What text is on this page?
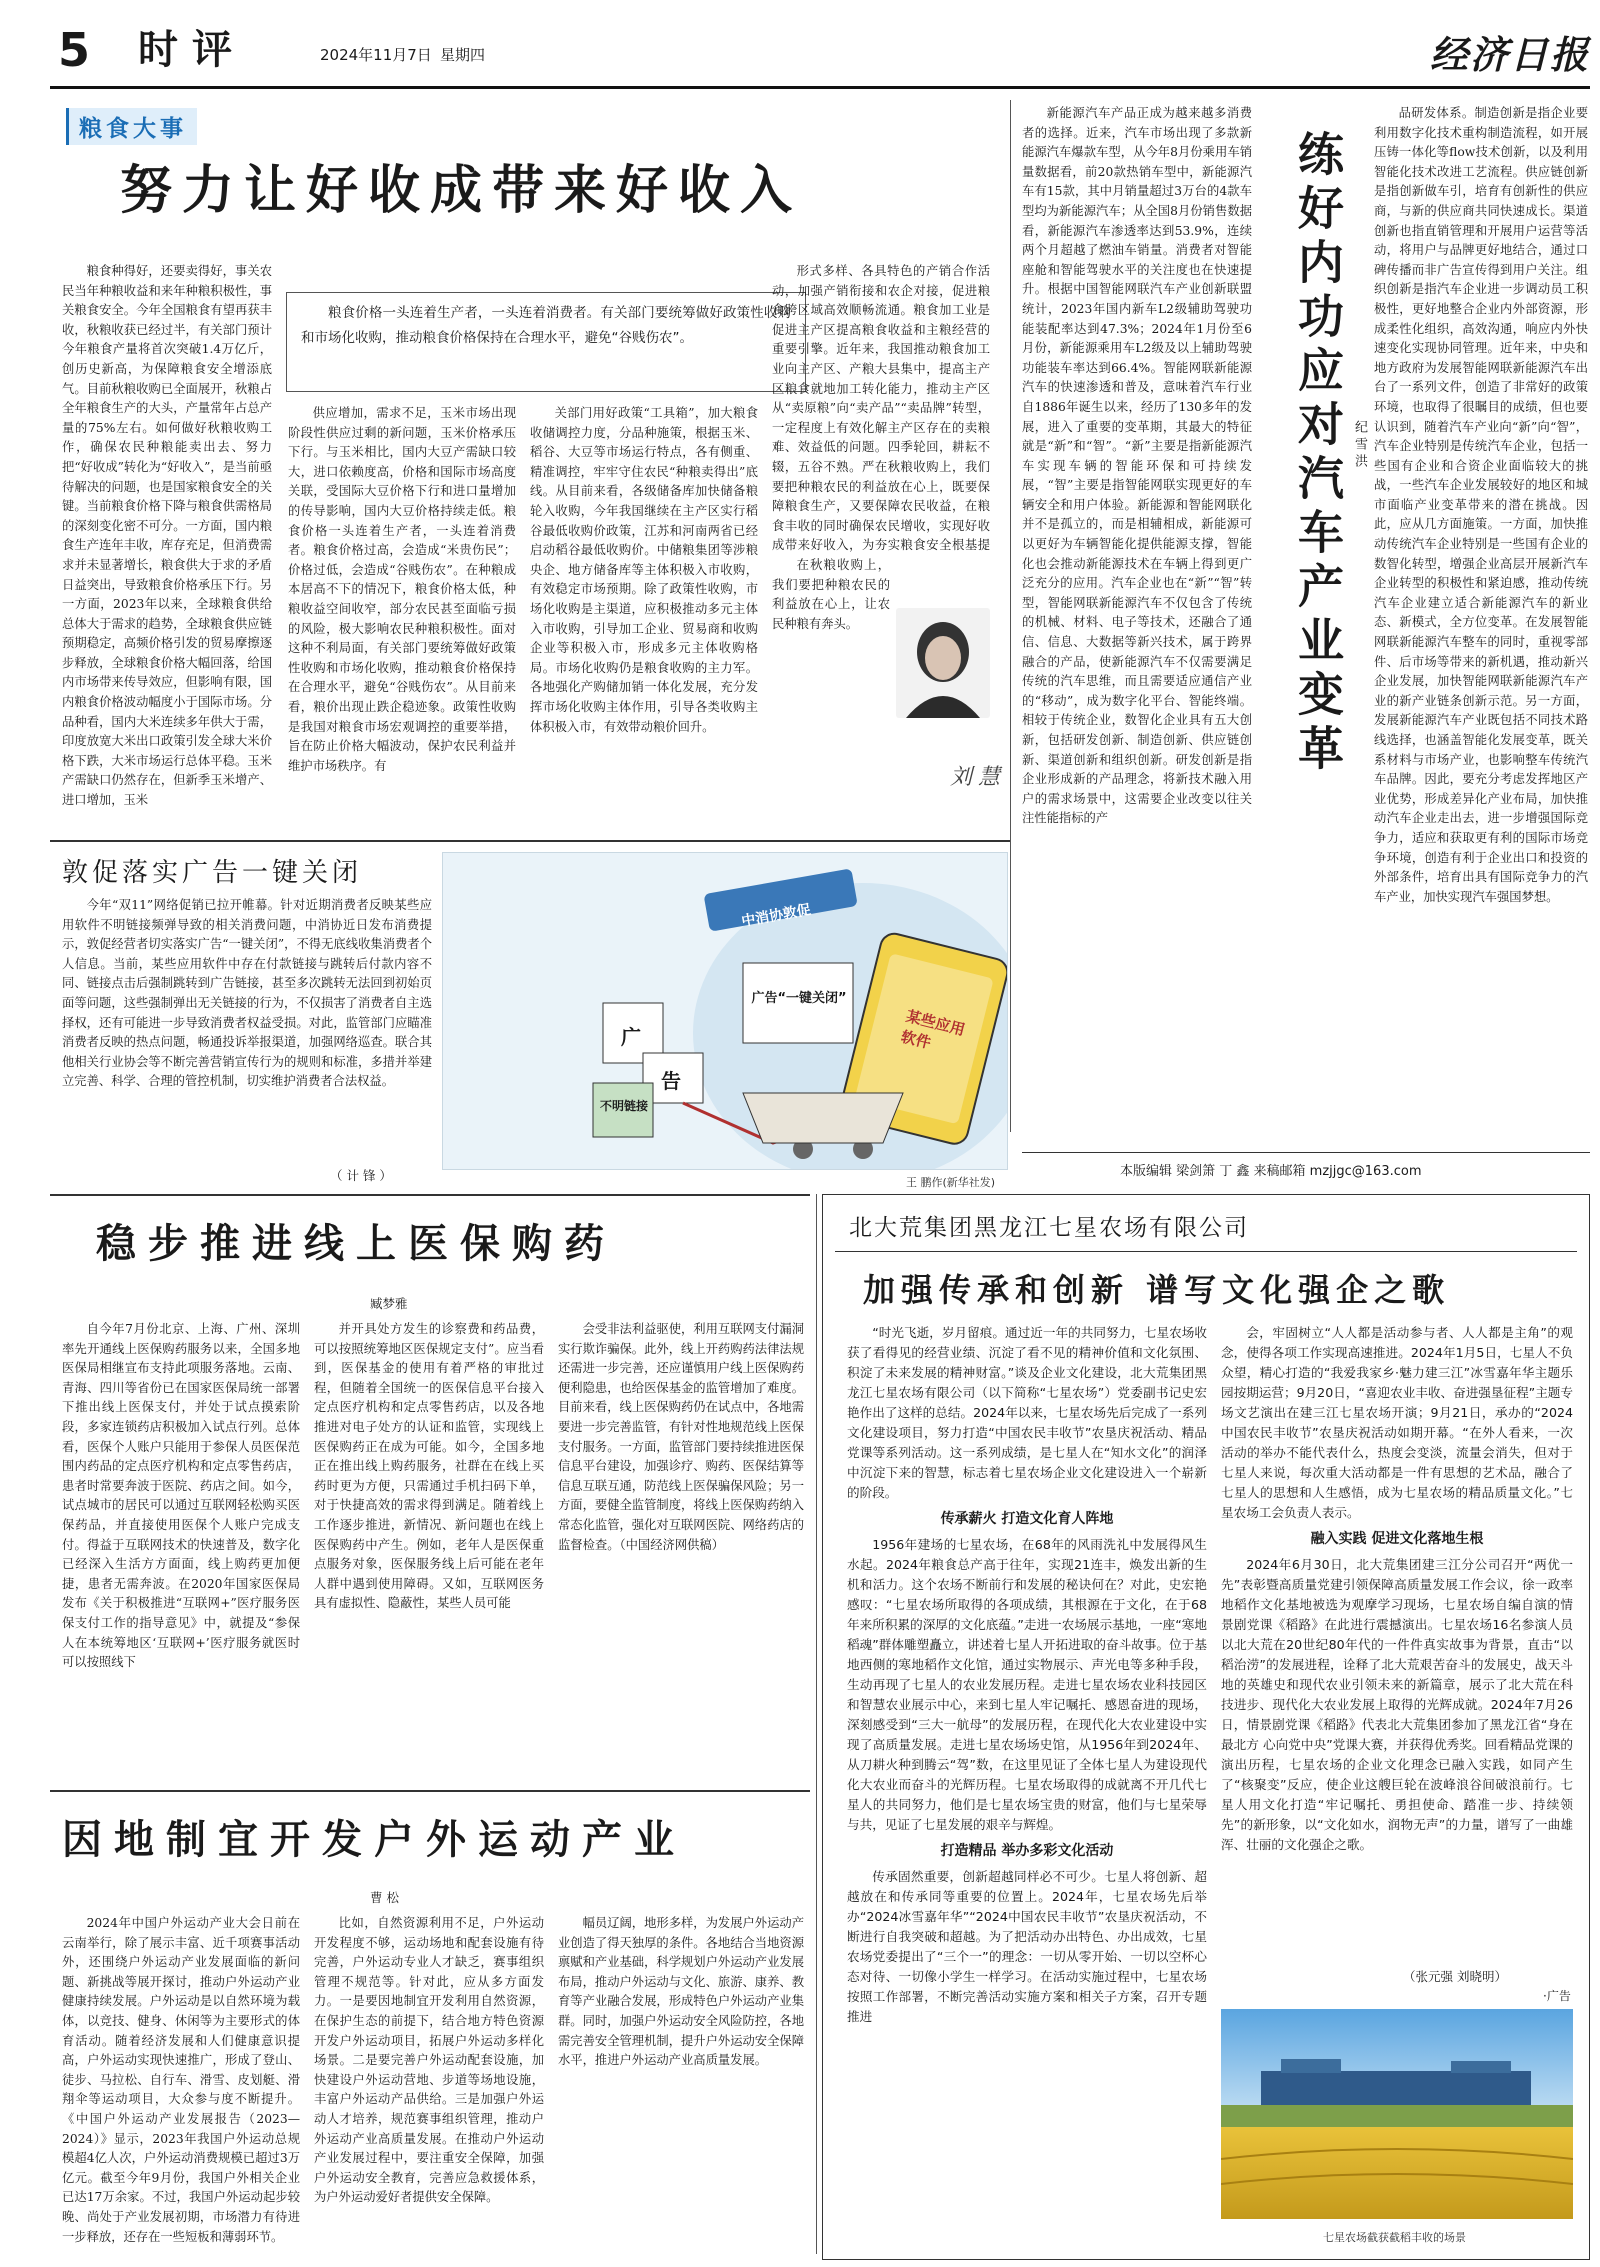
5 时评	2024年11月7日 星期四	经济日报
粮食大事
努力让好收成带来好收入
粮食价格一头连着生产者，一头连着消费者。有关部门要统筹做好政策性收购和市场化收购，推动粮食价格保持在合理水平，避免“谷贱伤农”。

粮食种得好，还要卖得好，事关农民当年种粮收益和来年种粮积极性，事关粮食安全。今年全国粮食有望再获丰收，秋粮收获已经过半，有关部门预计今年粮食产量将首次突破1.4万亿斤，创历史新高，为保障粮食安全增添底气。目前秋粮收购已全面展开，秋粮占全年粮食生产的大头，产量常年占总产量的75%左右。如何做好秋粮收购工作，确保农民种粮能卖出去、努力把“好收成”转化为“好收入”，是当前亟待解决的问题，也是国家粮食安全的关键。当前粮食价格下降与粮食供需格局的深刻变化密不可分。一方面，国内粮食生产连年丰收，库存充足，但消费需求并未显著增长，粮食供大于求的矛盾日益突出，导致粮食价格承压下行。另一方面，2023年以来，全球粮食供给总体大于需求的趋势，全球粮食供应链预期稳定，高频价格引发的贸易摩擦逐步释放，全球粮食价格大幅回落，给国内市场带来传导效应，但影响有限，国内粮食价格波动幅度小于国际市场。分品种看，国内大米连续多年供大于需，印度放宽大米出口政策引发全球大米价格下跌，大米市场运行总体平稳。玉米产需缺口仍然存在，但新季玉米增产、进口增加，玉米

供应增加，需求不足，玉米市场出现阶段性供应过剩的新问题，玉米价格承压下行。与玉米相比，国内大豆产需缺口较大，进口依赖度高，价格和国际市场高度关联，受国际大豆价格下行和进口量增加的传导影响，国内大豆价格持续走低。粮食价格一头连着生产者，一头连着消费者。粮食价格过高，会造成“米贵伤民”；价格过低，会造成“谷贱伤农”。在种粮成本居高不下的情况下，粮食价格太低，种粮收益空间收窄，部分农民甚至面临亏损的风险，极大影响农民种粮积极性。面对这种不利局面，有关部门要统筹做好政策性收购和市场化收购，推动粮食价格保持在合理水平，避免“谷贱伤农”。从目前来看，粮价出现止跌企稳迹象。政策性收购是我国对粮食市场宏观调控的重要举措，旨在防止价格大幅波动，保护农民利益并维护市场秩序。有

关部门用好政策“工具箱”，加大粮食收储调控力度，分品种施策，根据玉米、稻谷、大豆等市场运行特点，各有侧重、精准调控，牢牢守住农民“种粮卖得出”底线。从目前来看，各级储备库加快储备粮轮入收购，今年我国继续在主产区实行稻谷最低收购价政策，江苏和河南两省已经启动稻谷最低收购价。中储粮集团等涉粮央企、地方储备库等主体积极入市收购，有效稳定市场预期。除了政策性收购，市场化收购是主渠道，应积极推动多元主体入市收购，引导加工企业、贸易商和收购企业等积极入市，形成多元主体收购格局。市场化收购仍是粮食收购的主力军。各地强化产购储加销一体化发展，充分发挥市场化收购主体作用，引导各类收购主体积极入市，有效带动粮价回升。

形式多样、各具特色的产销合作活动，加强产销衔接和农企对接，促进粮食跨区域高效顺畅流通。粮食加工业是促进主产区提高粮食收益和主粮经营的重要引擎。近年来，我国推动粮食加工业向主产区、产粮大县集中，提高主产区粮食就地加工转化能力，推动主产区从“卖原粮”向“卖产品”“卖品牌”转型，一定程度上有效化解主产区存在的卖粮难、效益低的问题。四季轮回，耕耘不辍，五谷不熟。严在秋粮收购上，我们要把种粮农民的利益放在心上，既要保障粮食生产，又要保障农民收益，在粮食丰收的同时确保农民增收，实现好收成带来好收入，为夯实粮食安全根基提

在秋粮收购上，我们要把种粮农民的利益放在心上，让农民种粮有奔头。

刘慧

新能源汽车产品正成为越来越多消费者的选择。近来，汽车市场出现了多款新能源汽车爆款车型，从今年8月份乘用车销量数据看，前20款热销车型中，新能源汽车有15款，其中月销量超过3万台的4款车型均为新能源汽车；从全国8月份销售数据看，新能源汽车渗透率达到53.9%，连续两个月超越了燃油车销量。消费者对智能座舱和智能驾驶水平的关注度也在快速提升。根据中国智能网联汽车产业创新联盟统计，2023年国内新车L2级辅助驾驶功能装配率达到47.3%；2024年1月份至6月份，新能源乘用车L2级及以上辅助驾驶功能装车率达到66.4%。智能网联新能源汽车的快速渗透和普及，意味着汽车行业自1886年诞生以来，经历了130多年的发展，进入了重要的变革期，其最大的特征就是“新”和“智”。“新”主要是指新能源汽车实现车辆的智能环保和可持续发展，“智”主要是指智能网联实现更好的车辆安全和用户体验。新能源和智能网联化并不是孤立的，而是相辅相成，新能源可以更好为车辆智能化提供能源支撑，智能化也会推动新能源技术在车辆上得到更广泛充分的应用。汽车企业也在“新”“智”转型，智能网联新能源汽车不仅包含了传统的机械、材料、电子等技术，还融合了通信、信息、大数据等新兴技术，属于跨界融合的产品，使新能源汽车不仅需要满足传统的汽车思维，而且需要适应通信产业的“移动”，成为数字化平台、智能终端。相较于传统企业，数智化企业具有五大创新，包括研发创新、制造创新、供应链创新、渠道创新和组织创新。研发创新是指企业形成新的产品理念，将新技术融入用户的需求场景中，这需要企业改变以往关注性能指标的产

练好内功应对汽车产业变革 纪雪洪

品研发体系。制造创新是指企业要利用数字化技术重构制造流程，如开展压铸一体化等flow技术创新，以及利用智能化技术改进工艺流程。供应链创新是指创新做车引，培育有创新性的供应商，与新的供应商共同快速成长。渠道创新也指直销管理和开展用户运营等活动，将用户与品牌更好地结合，通过口碑传播而非广告宣传得到用户关注。组织创新是指汽车企业进一步调动员工积极性，更好地整合企业内外部资源，形成柔性化组织，高效沟通，响应内外快速变化实现协同管理。近年来，中央和地方政府为发展智能网联新能源汽车出台了一系列文件，创造了非常好的政策环境，也取得了很瞩目的成绩，但也要认识到，随着汽车产业向“新”向“智”，汽车企业特别是传统汽车企业，包括一些国有企业和合资企业面临较大的挑战，一些汽车企业发展较好的地区和城市面临产业变革带来的潜在挑战。因此，应从几方面施策。一方面，加快推动传统汽车企业特别是一些国有企业的数智化转型，增强企业高层开展新汽车企业转型的积极性和紧迫感，推动传统汽车企业建立适合新能源汽车的新业态、新模式，全方位变革。在发展智能网联新能源汽车整车的同时，重视零部件、后市场等带来的新机遇，推动新兴企业发展，加快智能网联新能源汽车产业的新产业链条创新示范。另一方面，发展新能源汽车产业既包括不同技术路线选择，也涵盖智能化发展变革，既关系材料与市场产业，也影响整车传统汽车品牌。因此，要充分考虑发挥地区产业优势，形成差异化产业布局，加快推动汽车企业走出去，进一步增强国际竞争力，适应和获取更有利的国际市场竞争环境，创造有利于企业出口和投资的外部条件，培育出具有国际竞争力的汽车产业，加快实现汽车强国梦想。

本版编辑 梁剑箫 丁 鑫 来稿邮箱 mzjjgc@163.com
敦促落实广告一键关闭

今年“双11”网络促销已拉开帷幕。针对近期消费者反映某些应用软件不明链接频弹导致的相关消费问题，中消协近日发布消费提示，敦促经营者切实落实广告“一键关闭”，不得无底线收集消费者个人信息。当前，某些应用软件中存在付款链接与跳转后付款内容不同、链接点击后强制跳转到广告链接，甚至多次跳转无法回到初始页面等问题，这些强制弹出无关链接的行为，不仅损害了消费者自主选择权，还有可能进一步导致消费者权益受损。对此，监管部门应瞄准消费者反映的热点问题，畅通投诉举报渠道，加强网络巡查。联合其他相关行业协会等不断完善营销宣传行为的规则和标准，多措并举建立完善、科学、合理的管控机制，切实维护消费者合法权益。

（ 计 锋 ）
中消协敦促
广告“一键关闭”
某些应用软件
广
告
不明链接
王 鹏作(新华社发)
稳步推进线上医保购药
臧梦雅

自今年7月份北京、上海、广州、深圳率先开通线上医保购药服务以来，全国多地医保局相继宣布支持此项服务落地。云南、青海、四川等省份已在国家医保局统一部署下推出线上医保支付，并处于试点摸索阶段，多家连锁药店积极加入试点行列。总体看，医保个人账户只能用于参保人员医保范围内药品的定点医疗机构和定点零售药店，患者时常要奔波于医院、药店之间。如今，试点城市的居民可以通过互联网轻松购买医保药品，并直接使用医保个人账户完成支付。得益于互联网技术的快速普及，数字化已经深入生活方方面面，线上购药更加便捷，患者无需奔波。在2020年国家医保局发布《关于积极推进“互联网+”医疗服务医保支付工作的指导意见》中，就提及“参保人在本统筹地区‘互联网+’医疗服务就医时可以按照线下

并开具处方发生的诊察费和药品费，可以按照统筹地区医保规定支付”。应当看到，医保基金的使用有着严格的审批过程，但随着全国统一的医保信息平台接入定点医疗机构和定点零售药店，以及各地推进对电子处方的认证和监管，实现线上医保购药正在成为可能。如今，全国多地正在推出线上购药服务，社群在在线上买药时更为方便，只需通过手机扫码下单，对于快捷高效的需求得到满足。随着线上工作逐步推进，新情况、新问题也在线上医保购药中产生。例如，老年人是医保重点服务对象，医保服务线上后可能在老年人群中遇到使用障碍。又如，互联网医务具有虚拟性、隐蔽性，某些人员可能

会受非法利益驱使，利用互联网支付漏洞实行欺诈骗保。此外，线上开药购药法律法规还需进一步完善，还应谨慎用户线上医保购药便利隐患，也给医保基金的监管增加了难度。目前来看，线上医保购药仍在试点中，各地需要进一步完善监管，有针对性地规范线上医保支付服务。一方面，监管部门要持续推进医保信息平台建设，加强诊疗、购药、医保结算等信息互联互通，防范线上医保骗保风险；另一方面，要健全监管制度，将线上医保购药纳入常态化监管，强化对互联网医院、网络药店的监督检查。（中国经济网供稿）

因地制宜开发户外运动产业
曹 松

2024年中国户外运动产业大会日前在云南举行，除了展示丰富、近千项赛事活动外，还围绕户外运动产业发展面临的新问题、新挑战等展开探讨，推动户外运动产业健康持续发展。户外运动是以自然环境为载体，以竞技、健身、休闲等为主要形式的体育活动。随着经济发展和人们健康意识提高，户外运动实现快速推广，形成了登山、徒步、马拉松、自行车、滑雪、皮划艇、滑翔伞等运动项目，大众参与度不断提升。《中国户外运动产业发展报告（2023—2024）》显示，2023年我国户外运动总规模超4亿人次，户外运动消费规模已超过3万亿元。截至今年9月份，我国户外相关企业已达17万余家。不过，我国户外运动起步较晚、尚处于产业发展初期，市场潜力有待进一步释放，还存在一些短板和薄弱环节。

比如，自然资源利用不足，户外运动开发程度不够，运动场地和配套设施有待完善，户外运动专业人才缺乏，赛事组织管理不规范等。针对此，应从多方面发力。一是要因地制宜开发利用自然资源，在保护生态的前提下，结合地方特色资源开发户外运动项目，拓展户外运动多样化场景。二是要完善户外运动配套设施，加快建设户外运动营地、步道等场地设施，丰富户外运动产品供给。三是加强户外运动人才培养，规范赛事组织管理，推动户外运动产业高质量发展。在推动户外运动产业发展过程中，要注重安全保障，加强户外运动安全教育，完善应急救援体系，为户外运动爱好者提供安全保障。

幅员辽阔，地形多样，为发展户外运动产业创造了得天独厚的条件。各地结合当地资源禀赋和产业基础，科学规划户外运动产业发展布局，推动户外运动与文化、旅游、康养、教育等产业融合发展，形成特色户外运动产业集群。同时，加强户外运动安全风险防控，各地需完善安全管理机制，提升户外运动安全保障水平，推进户外运动产业高质量发展。

北大荒集团黑龙江七星农场有限公司
加强传承和创新 谱写文化强企之歌

“时光飞逝，岁月留痕。通过近一年的共同努力，七星农场收获了看得见的经营业绩、沉淀了看不见的精神价值和文化氛围、积淀了未来发展的精神财富。”谈及企业文化建设，北大荒集团黑龙江七星农场有限公司（以下简称“七星农场”）党委副书记史宏艳作出了这样的总结。2024年以来，七星农场先后完成了一系列文化建设项目，努力打造“中国农民丰收节”农垦庆祝活动、精品党课等系列活动。这一系列成绩，是七星人在“知水文化”的润泽中沉淀下来的智慧，标志着七星农场企业文化建设进入一个崭新的阶段。

传承薪火 打造文化育人阵地

1956年建场的七星农场，在68年的风雨洗礼中发展得风生水起。2024年粮食总产高于往年，实现21连丰，焕发出新的生机和活力。这个农场不断前行和发展的秘诀何在？对此，史宏艳感叹：“七星农场所取得的各项成绩，其根源在于文化，在于68年来所积累的深厚的文化底蕴。”走进一农场展示基地，一座“寒地稻魂”群体雕塑矗立，讲述着七星人开拓进取的奋斗故事。位于基地西侧的寒地稻作文化馆，通过实物展示、声光电等多种手段，生动再现了七星人的农业发展历程。走进七星农场农业科技园区和智慧农业展示中心，来到七星人牢记嘱托、感恩奋进的现场，深刻感受到“三大一航母”的发展历程，在现代化大农业建设中实现了高质量发展。走进七星农场场史馆，从1956年到2024年、从刀耕火种到腾云“驾”数，在这里见证了全体七星人为建设现代化大农业而奋斗的光辉历程。七星农场取得的成就离不开几代七星人的共同努力，他们是七星农场宝贵的财富，他们与七星荣辱与共，见证了七星发展的艰辛与辉煌。

打造精品 举办多彩文化活动

传承固然重要，创新超越同样必不可少。七星人将创新、超越放在和传承同等重要的位置上。2024年，七星农场先后举办“2024冰雪嘉年华”“2024中国农民丰收节”农垦庆祝活动，不断进行自我突破和超越。为了把活动办出特色、办出成效，七星农场党委提出了“三个一”的理念：一切从零开始、一切以空杯心态对待、一切像小学生一样学习。在活动实施过程中，七星农场按照工作部署，不断完善活动实施方案和相关子方案，召开专题推进

会，牢固树立“人人都是活动参与者、人人都是主角”的观念，使得各项工作实现高速推进。2024年1月5日，七星人不负众望，精心打造的“我爱我家乡·魅力建三江”冰雪嘉年华主题乐园按期运营；9月20日，“喜迎农业丰收、奋进强垦征程”主题专场文艺演出在建三江七星农场开演；9月21日，承办的“2024中国农民丰收节”农垦庆祝活动如期开幕。“在外人看来，一次活动的举办不能代表什么，热度会变淡，流量会消失，但对于七星人来说，每次重大活动都是一件有思想的艺术品，融合了七星人的思想和人生感悟，成为七星农场的精品质量文化。”七星农场工会负责人表示。

融入实践 促进文化落地生根

2024年6月30日，北大荒集团建三江分公司召开“两优一先”表彰暨高质量党建引领保障高质量发展工作会议，徐一政率地稻作文化基地被选为观摩学习现场，七星农场自编自演的情景剧党课《稻路》在此进行震撼演出。七星农场16名参演人员以北大荒在20世纪80年代的一件件真实故事为背景，直击“以稻治涝”的发展进程，诠释了北大荒艰苦奋斗的发展史，战天斗地的英雄史和现代农业引领未来的新篇章，展示了北大荒在科技进步、现代化大农业发展上取得的光辉成就。2024年7月26日，情景剧党课《稻路》代表北大荒集团参加了黑龙江省“身在最北方 心向党中央”党课大赛，并获得优秀奖。回看精品党课的演出历程，七星农场的企业文化理念已融入实践，如同产生了“核聚变”反应，使企业这艘巨轮在波峰浪谷间破浪前行。七星人用文化打造“牢记嘱托、勇担使命、踏准一步、持续领先”的新形象，以“文化如水，润物无声”的力量，谱写了一曲雄浑、壮丽的文化强企之歌。

（张元强 刘晓明）
·广告
七星农场截获截稻丰收的场景
